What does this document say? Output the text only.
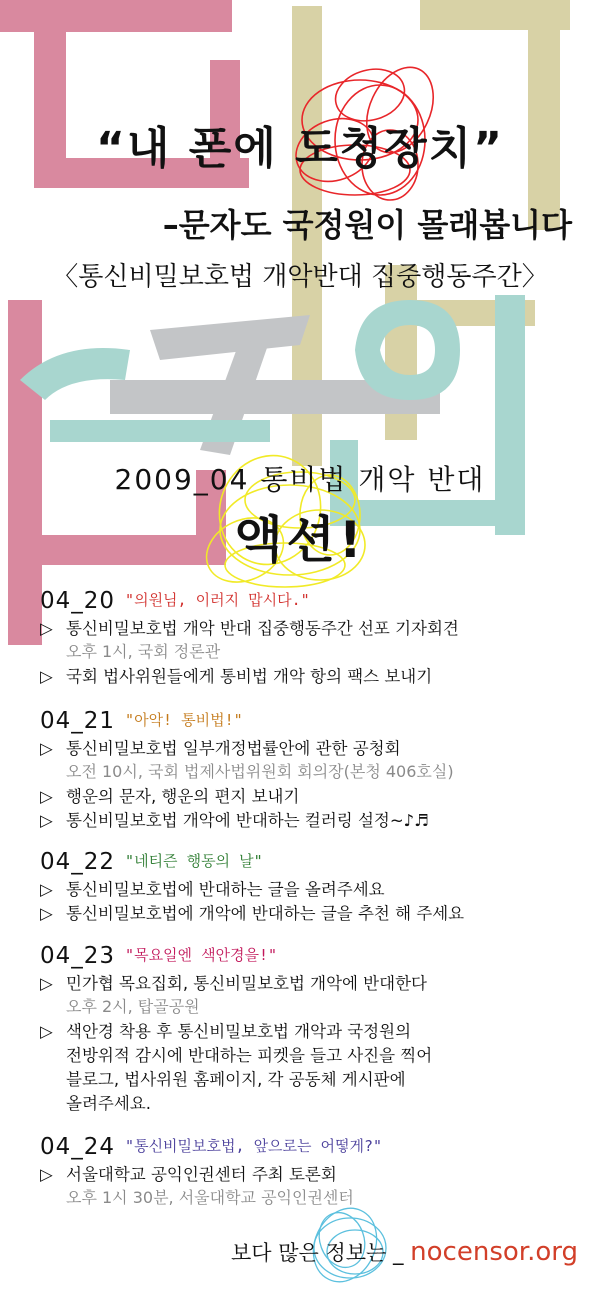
“내 폰에 도청장치”
–문자도 국정원이 몰래봅니다
〈통신비밀보호법 개악반대 집중행동주간〉
2009_04 통비법 개악 반대
액션!
04_20 "의원님, 이러지 맙시다."
▷ 통신비밀보호법 개악 반대 집중행동주간 선포 기자회견
오후 1시, 국회 정론관
▷ 국회 법사위원들에게 통비법 개악 항의 팩스 보내기
04_21 "아악! 통비법!"
▷ 통신비밀보호법 일부개정법률안에 관한 공청회
오전 10시, 국회 법제사법위원회 회의장(본청 406호실)
▷ 행운의 문자, 행운의 편지 보내기
▷ 통신비밀보호법 개악에 반대하는 컬러링 설정~♪♬
04_22 "네티즌 행동의 날"
▷ 통신비밀보호법에 반대하는 글을 올려주세요
▷ 통신비밀보호법에 개악에 반대하는 글을 추천 해 주세요
04_23 "목요일엔 색안경을!"
▷ 민가협 목요집회, 통신비밀보호법 개악에 반대한다
오후 2시, 탑골공원
▷ 색안경 착용 후 통신비밀보호법 개악과 국정원의
전방위적 감시에 반대하는 피켓을 들고 사진을 찍어
블로그, 법사위원 홈페이지, 각 공동체 게시판에
올려주세요.
04_24 "통신비밀보호법, 앞으로는 어떻게?"
▷ 서울대학교 공익인권센터 주최 토론회
오후 1시 30분, 서울대학교 공익인권센터
보다 많은 정보는 _ nocensor.org
